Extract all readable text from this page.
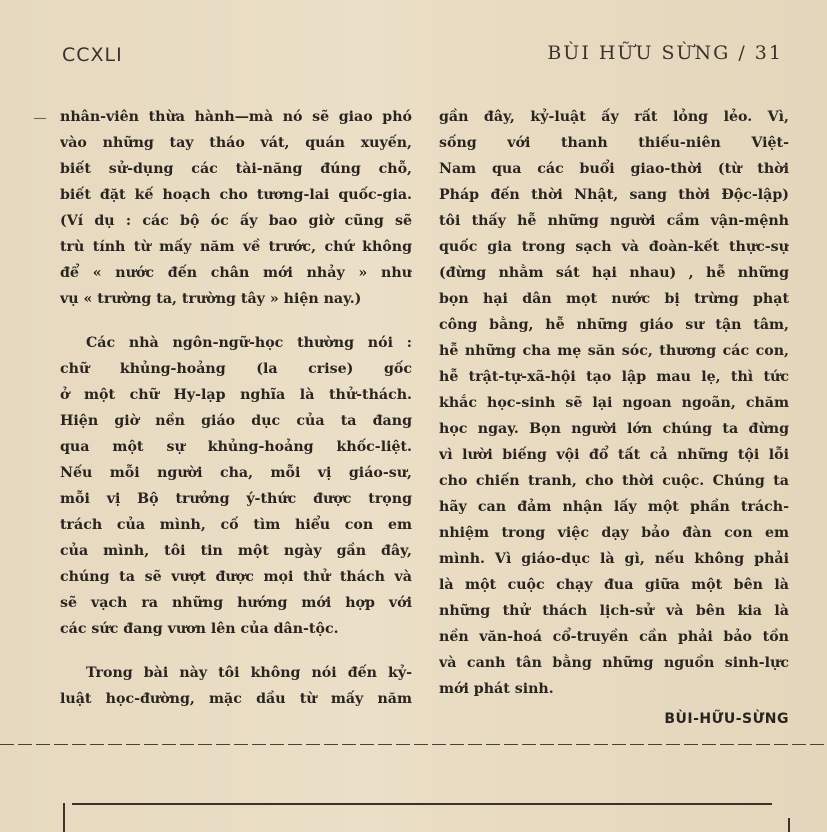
CCXLI	BÙI HỮU SỪNG / 31
nhân-viên thừa hành—mà nó sẽ giao phó
vào những tay tháo vát, quán xuyến,
biết sử-dụng các tài-năng đúng chỗ,
biết đặt kế hoạch cho tương-lai quốc-gia.
(Ví dụ : các bộ óc ấy bao giờ cũng sẽ
trù tính từ mấy năm về trước, chứ không
để « nước đến chân mới nhảy » như
vụ « trường ta, trường tây » hiện nay.)
Các nhà ngôn-ngữ-học thường nói :
chữ khủng-hoảng (la crise) gốc
ở một chữ Hy-lạp nghĩa là thử-thách.
Hiện giờ nền giáo dục của ta đang
qua một sự khủng-hoảng khốc-liệt.
Nếu mỗi người cha, mỗi vị giáo-sư,
mỗi vị Bộ trưởng ý-thức được trọng
trách của mình, cố tìm hiểu con em
của mình, tôi tin một ngày gần đây,
chúng ta sẽ vượt được mọi thử thách và
sẽ vạch ra những hướng mới hợp với
các sức đang vươn lên của dân-tộc.
Trong bài này tôi không nói đến kỷ-
luật học-đường, mặc dầu từ mấy năm
gần đây, kỷ-luật ấy rất lỏng lẻo. Vì,
sống với thanh thiếu-niên Việt-
Nam qua các buổi giao-thời (từ thời
Pháp đến thời Nhật, sang thời Độc-lập)
tôi thấy hễ những người cầm vận-mệnh
quốc gia trong sạch và đoàn-kết thực-sự
(đừng nhằm sát hại nhau) , hễ những
bọn hại dân mọt nước bị trừng phạt
công bằng, hễ những giáo sư tận tâm,
hễ những cha mẹ săn sóc, thương các con,
hễ trật-tự-xã-hội tạo lập mau lẹ, thì tức
khắc học-sinh sẽ lại ngoan ngoãn, chăm
học ngay. Bọn người lớn chúng ta đừng
vì lười biếng vội đổ tất cả những tội lỗi
cho chiến tranh, cho thời cuộc. Chúng ta
hãy can đảm nhận lấy một phần trách-
nhiệm trong việc dạy bảo đàn con em
mình. Vì giáo-dục là gì, nếu không phải
là một cuộc chạy đua giữa một bên là
những thử thách lịch-sử và bên kia là
nền văn-hoá cổ-truyền cần phải bảo tồn
và canh tân bằng những nguồn sinh-lực
mới phát sinh.
BÙI-HỮU-SỪNG
